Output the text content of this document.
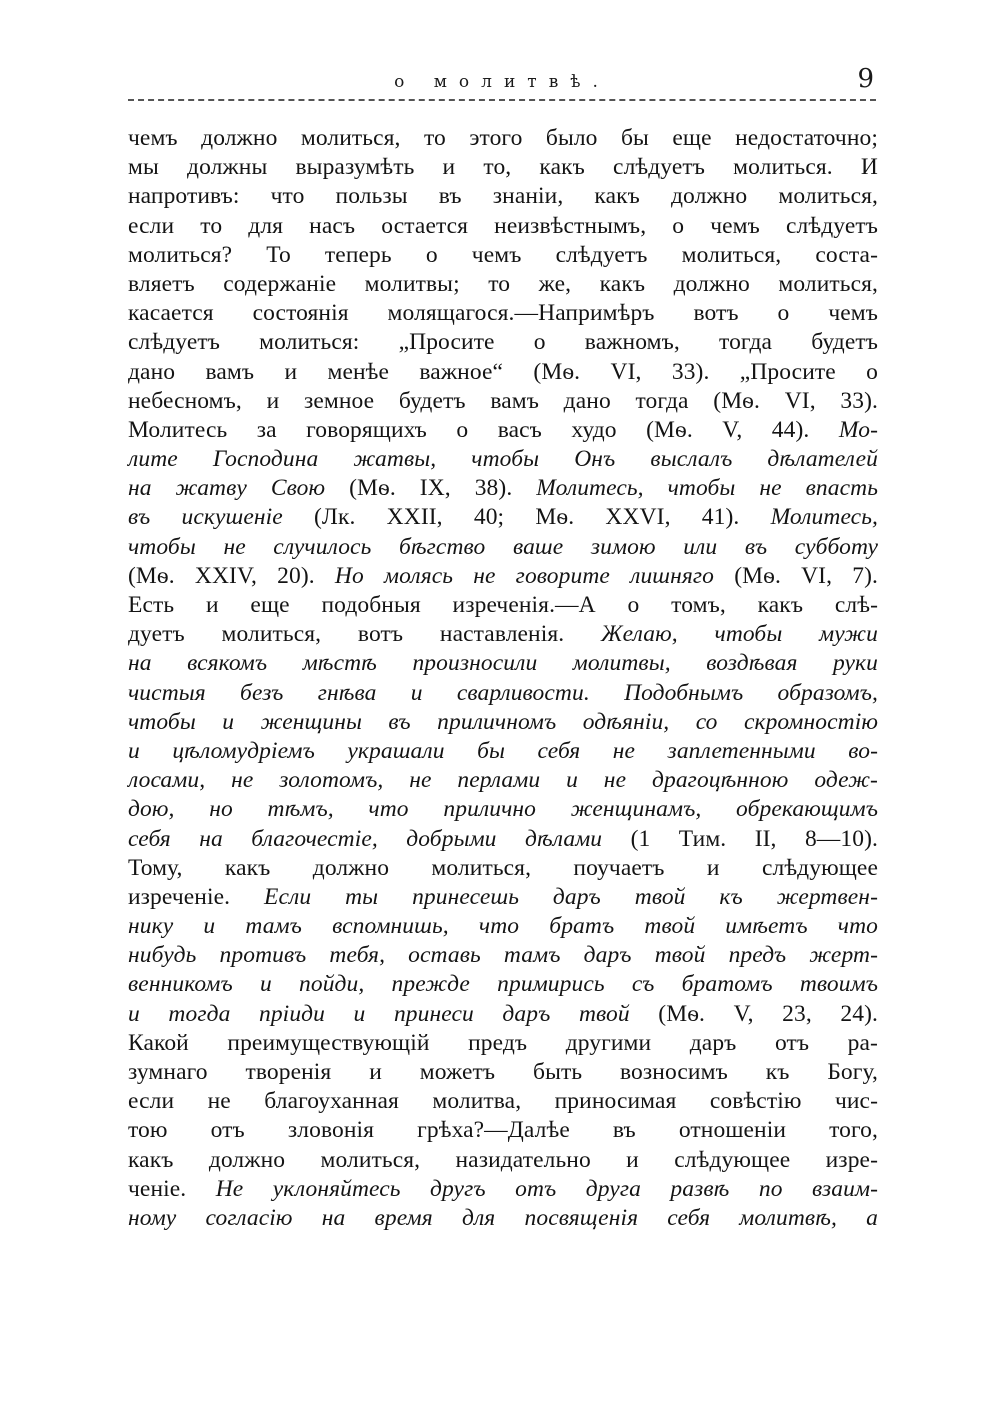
о молитвѣ.	9
чемъ должно молиться, то этого было бы еще недостаточно;
мы должны выразумѣть и то, какъ слѣдуетъ молиться. И
напротивъ: что пользы въ знаніи, какъ должно молиться,
если то для насъ остается неизвѣстнымъ, о чемъ слѣдуетъ
молиться? То теперь о чемъ слѣдуетъ молиться, соста-
вляетъ содержаніе молитвы; то же, какъ должно молиться,
касается состоянія молящагося.—Напримѣръ вотъ о чемъ
слѣдуетъ молиться: „Просите о важномъ, тогда будетъ
дано вамъ и менѣе важное“ (Мѳ. VI, 33). „Просите о
небесномъ, и земное будетъ вамъ дано тогда (Мѳ. VI, 33).
Молитесь за говорящихъ о васъ худо (Мѳ. V, 44). Мо-
лите Господина жатвы, чтобы Онъ выслалъ дѣлателей
на жатву Свою (Мѳ. IX, 38). Молитесь, чтобы не впасть
въ искушеніе (Лк. XXII, 40; Мѳ. XXVI, 41). Молитесь,
чтобы не случилось бѣгство ваше зимою или въ субботу
(Мѳ. XXIV, 20). Но молясь не говорите лишняго (Мѳ. VI, 7).
Есть и еще подобныя изреченія.—А о томъ, какъ слѣ-
дуетъ молиться, вотъ наставленія. Желаю, чтобы мужи
на всякомъ мѣстѣ произносили молитвы, воздѣвая руки
чистыя безъ гнѣва и сварливости. Подобнымъ образомъ,
чтобы и женщины въ приличномъ одѣяніи, со скромностію
и цѣломудріемъ украшали бы себя не заплетенными во-
лосами, не золотомъ, не перлами и не драгоцѣнною одеж-
дою, но тѣмъ, что прилично женщинамъ, обрекающимъ
себя на благочестіе, добрыми дѣлами (1 Тим. II, 8—10).
Тому, какъ должно молиться, поучаетъ и слѣдующее
изреченіе. Если ты принесешь даръ твой къ жертвен-
нику и тамъ вспомнишь, что братъ твой имѣетъ что
нибудь противъ тебя, оставь тамъ даръ твой предъ жерт-
венникомъ и пойди, прежде примирись съ братомъ твоимъ
и тогда пріиди и принеси даръ твой (Мѳ. V, 23, 24).
Какой преимуществующій предъ другими даръ отъ ра-
зумнаго творенія и можетъ быть возносимъ къ Богу,
если не благоуханная молитва, приносимая совѣстію чис-
тою отъ зловонія грѣха?—Далѣе въ отношеніи того,
какъ должно молиться, назидательно и слѣдующее изре-
ченіе. Не уклоняйтесь другъ отъ друга развѣ по взаим-
ному согласію на время для посвященія себя молитвѣ, а
